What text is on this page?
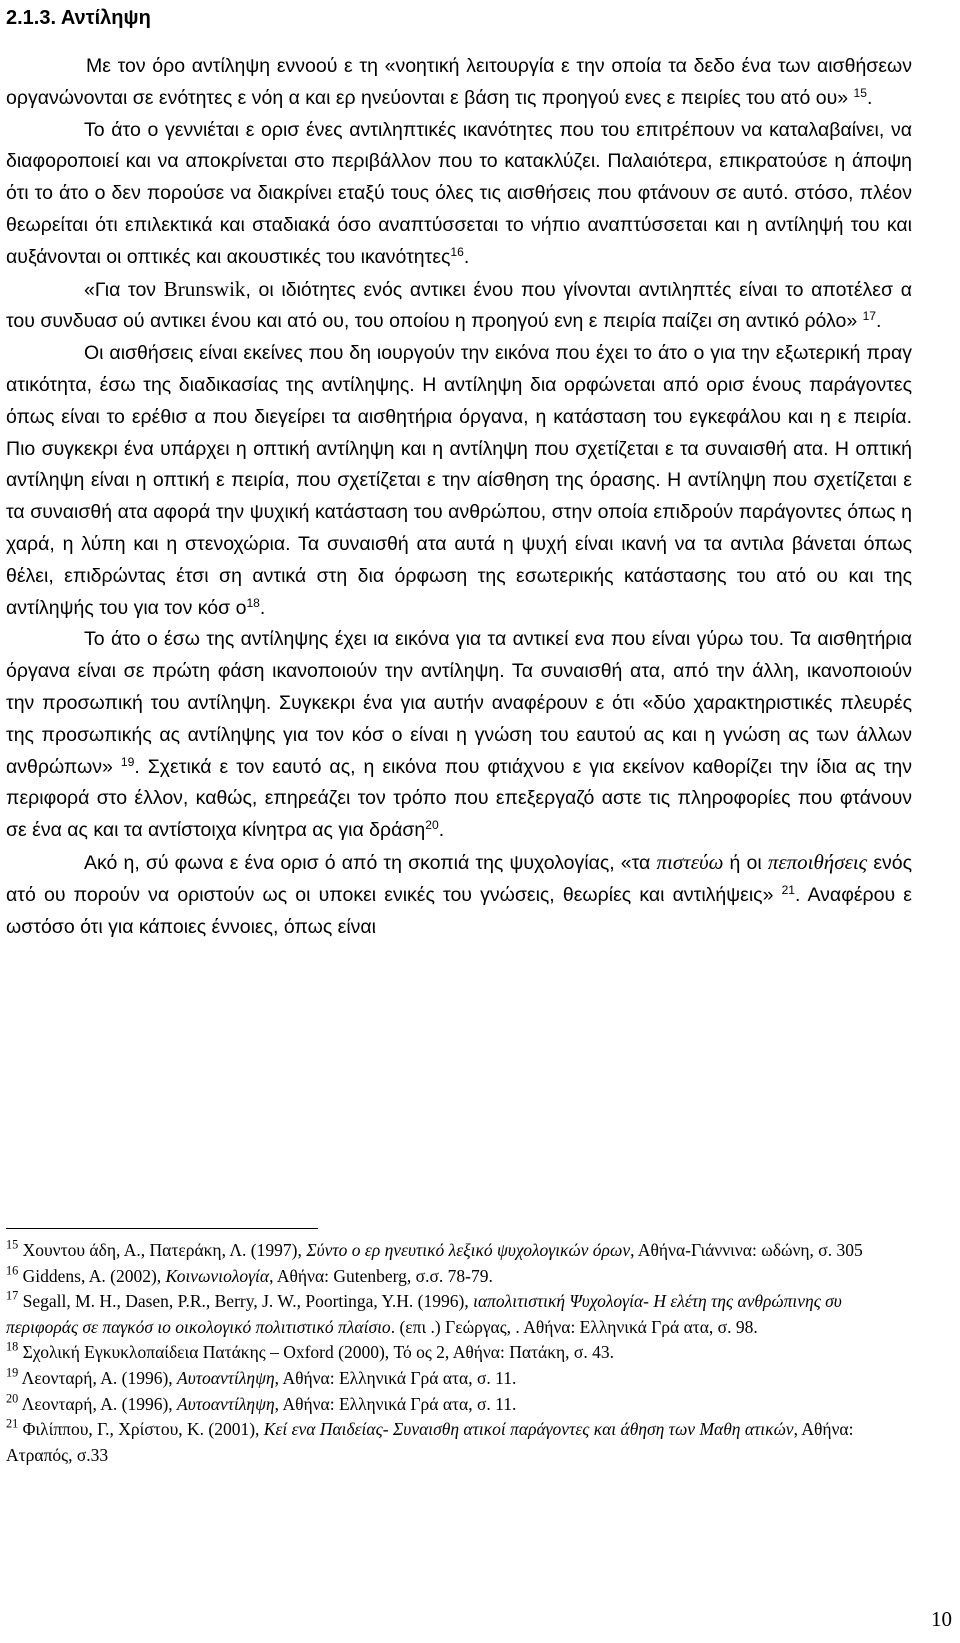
2.1.3. Αντίληψη

Με τον όρο αντίληψη εννοού ε τη «νοητική λειτουργία ε την οποία τα δεδο ένα των αισθήσεων οργανώνονται σε ενότητες ε νόη α και ερ ηνεύονται ε βάση τις προηγού ενες ε πειρίες του ατό ου» $^{15}$.

Το άτο ο γεννιέται ε ορισ ένες αντιληπτικές ικανότητες που του επιτρέπουν να καταλαβαίνει, να διαφοροποιεί και να αποκρίνεται στο περιβάλλον που το κατακλύζει. Παλαιότερα, επικρατούσε η άποψη ότι το άτο ο δεν πορούσε να διακρίνει εταξύ τους όλες τις αισθήσεις που φτάνουν σε αυτό. στόσο, πλέον θεωρείται ότι επιλεκτικά και σταδιακά όσο αναπτύσσεται το νήπιο αναπτύσσεται και η αντίληψή του και αυξάνονται οι οπτικές και ακουστικές του ικανότητες$^{16}$.

«Για τον Brunswik, οι ιδιότητες ενός αντικει ένου που γίνονται αντιληπτές είναι το αποτέλεσ α του συνδυασ ού αντικει ένου και ατό ου, του οποίου η προηγού ενη ε πειρία παίζει ση αντικό ρόλο» $^{17}$.

Οι αισθήσεις είναι εκείνες που δη ιουργούν την εικόνα που έχει το άτο ο για την εξωτερική πραγ ατικότητα, έσω της διαδικασίας της αντίληψης. Η αντίληψη δια ορφώνεται από ορισ ένους παράγοντες όπως είναι το ερέθισ α που διεγείρει τα αισθητήρια όργανα, η κατάσταση του εγκεφάλου και η ε πειρία. Πιο συγκεκρι ένα υπάρχει η οπτική αντίληψη και η αντίληψη που σχετίζεται ε τα συναισθή ατα. Η οπτική αντίληψη είναι η οπτική ε πειρία, που σχετίζεται ε την αίσθηση της όρασης. Η αντίληψη που σχετίζεται ε τα συναισθή ατα αφορά την ψυχική κατάσταση του ανθρώπου, στην οποία επιδρούν παράγοντες όπως η χαρά, η λύπη και η στενοχώρια. Τα συναισθή ατα αυτά η ψυχή είναι ικανή να τα αντιλα βάνεται όπως θέλει, επιδρώντας έτσι ση αντικά στη δια όρφωση της εσωτερικής κατάστασης του ατό ου και της αντίληψής του για τον κόσ $o^{18}$.

Το άτο ο έσω της αντίληψης έχει ια εικόνα για τα αντικεί ενα που είναι γύρω του. Τα αισθητήρια όργανα είναι σε πρώτη φάση ικανοποιούν την αντίληψη. Τα συναισθή ατα, από την άλλη, ικανοποιούν την προσωπική του αντίληψη. Συγκεκρι ένα για αυτήν αναφέρουν ε ότι «δύο χαρακτηριστικές πλευρές της προσωπικής ας αντίληψης για τον κόσ ο είναι η γνώση του εαυτού ας και η γνώση ας των άλλων ανθρώπων» $^{19}$. Σχετικά ε τον εαυτό ας, η εικόνα που φτιάχνου ε για εκείνον καθορίζει την ίδια ας την περιφορά στο έλλον, καθώς, επηρεάζει τον τρόπο που επεξεργαζό αστε τις πληροφορίες που φτάνουν σε ένα ας και τα αντίστοιχα κίνητρα ας για δράση$^{20}$.

Ακό η, σύ φωνα ε ένα ορισ ό από τη σκοπιά της ψυχολογίας, «τα πιστεύω ή οι πεποιθήσεις ενός ατό ου πορούν να οριστούν ως οι υποκει ενικές του γνώσεις, θεωρίες και αντιλήψεις» $^{21}$. Αναφέρου ε ωστόσο ότι για κάποιες έννοιες, όπως είναι

$^{15}$ Χουντου άδη, Α., Πατεράκη, Λ. (1997), Σύντο ο ερ ηνευτικό λεξικό ψυχολογικών όρων, Αθήνα-Γιάννινα: ωδώνη, σ. 305

$^{16}$ Giddens, A. (2002), Κοινωνιολογία, Αθήνα: Gutenberg, σ.σ. 78-79.

$^{17}$ Segall, M. H., Dasen, P.R., Berry, J. W., Poortinga, Y.H. (1996), ιαπολιτιστική Ψυχολογία- Η ελέτη της ανθρώπινης συ περιφοράς σε παγκόσ ιο οικολογικό πολιτιστικό πλαίσιο. (επι .) Γεώργας, . Αθήνα: Ελληνικά Γρά ατα, σ. 98.

$^{18}$ Σχολική Εγκυκλοπαίδεια Πατάκης – Oxford (2000), Τό ος 2, Αθήνα: Πατάκη, σ. 43.

$^{19}$ Λεονταρή, Α. (1996), Αυτοαντίληψη, Αθήνα: Ελληνικά Γρά ατα, σ. 11.

$^{20}$ Λεονταρή, Α. (1996), Αυτοαντίληψη, Αθήνα: Ελληνικά Γρά ατα, σ. 11.

$^{21}$ Φιλίππου, Γ., Χρίστου, Κ. (2001), Κεί ενα Παιδείας- Συναισθη ατικοί παράγοντες και άθηση των Μαθη ατικών, Αθήνα: Ατραπός, σ.33

10
